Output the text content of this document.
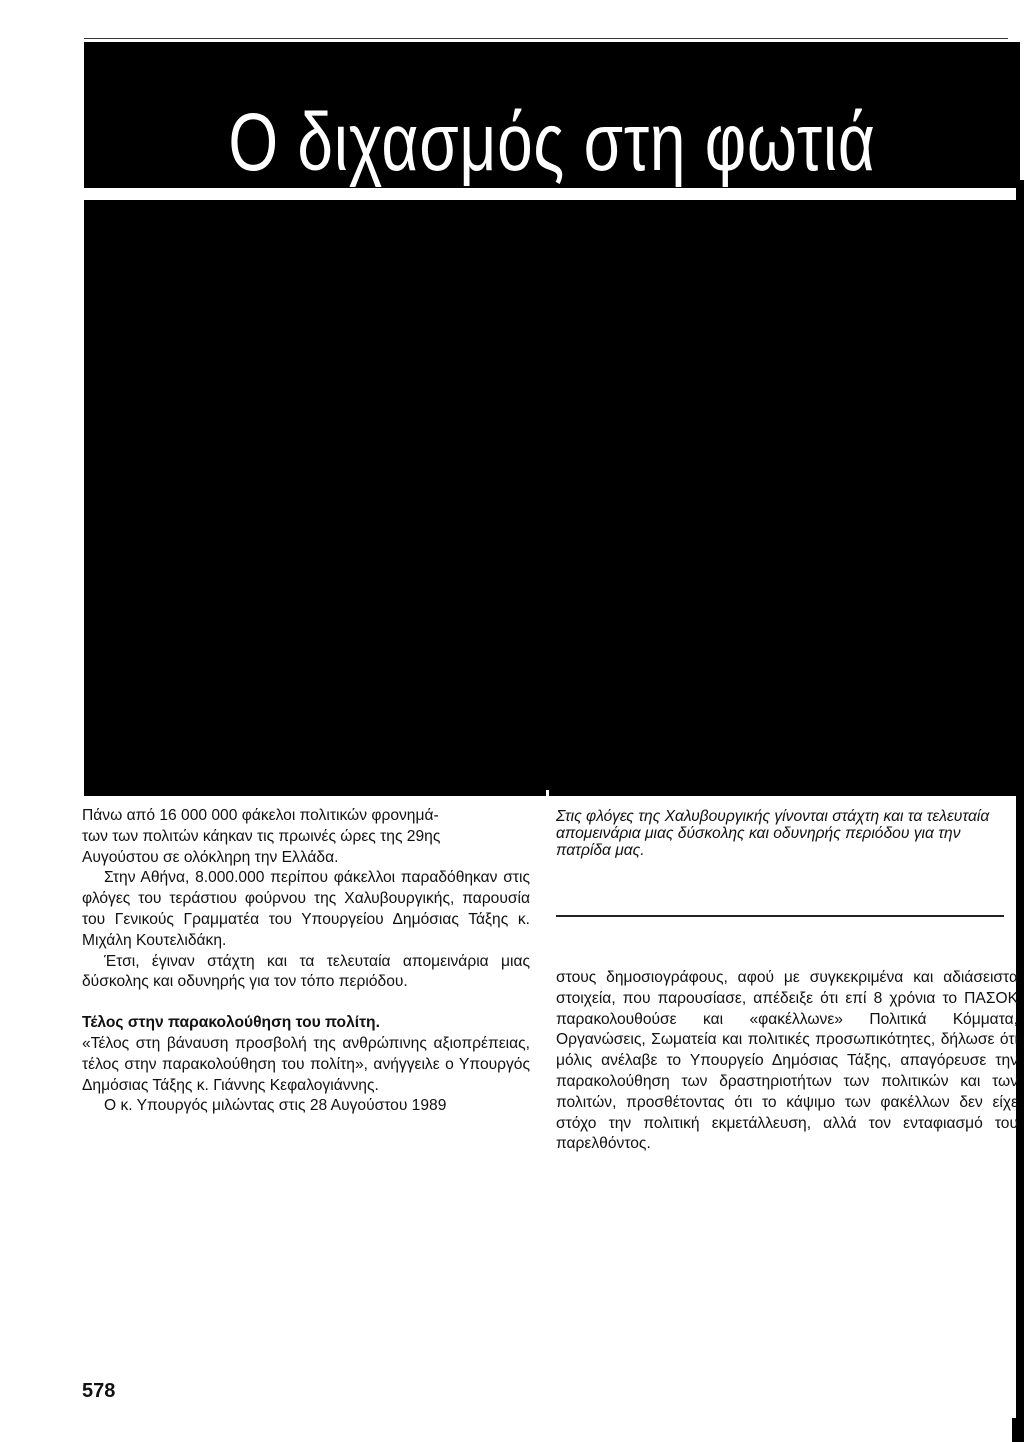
Ο διχασμός στη φωτιά

Πάνω από 16 000 000 φάκελοι πολιτικών φρονημά-

των των πολιτών κάηκαν τις πρωινές ώρες της 29ης

Αυγούστου σε ολόκληρη την Ελλάδα.

Στην Αθήνα, 8.000.000 περίπου φάκελλοι παραδόθηκαν στις φλόγες του τεράστιου φούρνου της Χαλυβουργικής, παρουσία του Γενικούς Γραμματέα του Υπουργείου Δημόσιας Τάξης κ. Μιχάλη Κουτελιδάκη.

Έτσι, έγιναν στάχτη και τα τελευταία απομεινάρια μιας δύσκολης και οδυνηρής για τον τόπο περιόδου.

Τέλος στην παρακολούθηση του πολίτη.

«Τέλος στη βάναυση προσβολή της ανθρώπινης αξιοπρέπειας, τέλος στην παρακολούθηση του πολίτη», ανήγγειλε ο Υπουργός Δημόσιας Τάξης κ. Γιάννης Κεφαλογιάννης.

Ο κ. Υπουργός μιλώντας στις 28 Αυγούστου 1989

Στις φλόγες της Χαλυβουργικής γίνονται στάχτη και τα τελευταία απομεινάρια μιας δύσκολης και οδυνηρής περιόδου για την πατρίδα μας.
στους δημοσιογράφους, αφού με συγκεκριμένα και αδιάσειστα στοιχεία, που παρουσίασε, απέδειξε ότι επί 8 χρόνια το ΠΑΣΟΚ παρακολουθούσε και «φακέλλωνε» Πολιτικά Κόμματα, Οργανώσεις, Σωματεία και πολιτικές προσωπικότητες, δήλωσε ότι μόλις ανέλαβε το Υπουργείο Δημόσιας Τάξης, απαγόρευσε την παρακολούθηση των δραστηριοτήτων των πολιτικών και των πολιτών, προσθέτοντας ότι το κάψιμο των φακέλλων δεν είχε στόχο την πολιτική εκμετάλλευση, αλλά τον ενταφιασμό του παρελθόντος.
578
